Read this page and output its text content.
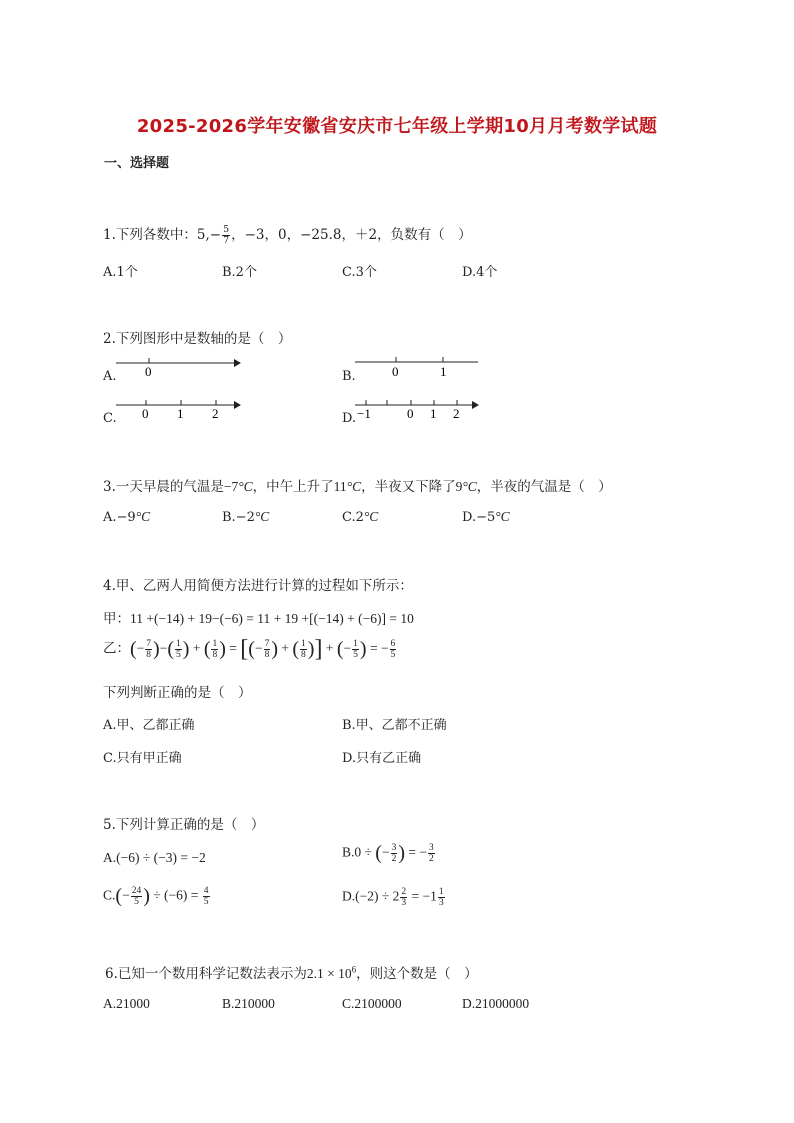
2025-2026学年安徽省安庆市七年级上学期10月月考数学试题
一、选择题
1.下列各数中：$5,- \frac{5}{7}$ ，−3，0，−25.8，＋2，负数有（　）
A.1个	B.2个	C.3个	D.4个
2.下列图形中是数轴的是（　）
A. 0	B.	0	1
C. 0 1 2	D. −1	0 1 2
3.一天早晨的气温是−7°C，中午上升了11°C，半夜又下降了9°C，半夜的气温是（　）
A.−9°C	B.−2°C	C.2°C	D.−5°C
4.甲、乙两人用简便方法进行计算的过程如下所示：
甲：11 +(−14) + 19−(−6) = 11 + 19 +[(−14) + (−6)] = 10
乙：(− $\frac{7}{8}$ )−( $\frac{1}{5}$ ) + ( $\frac{1}{8}$ ) = [(− $\frac{7}{8}$ ) + ( $\frac{1}{8}$ )] + (− $\frac{1}{5}$ ) = − $\frac{6}{5}$
下列判断正确的是（　）
A.甲、乙都正确	B.甲、乙都不正确
C.只有甲正确	D.只有乙正确
5.下列计算正确的是（　）
A.(−6) ÷ (−3) = −2	B.0 ÷ (− $\frac{3}{2}$ ) = − $\frac{3}{2}$
$C.(- \frac{24}{5}$ ) ÷ $(-6) = \frac{4}{5}$	$D.(-2) \div 2 \frac{2}{3} = -1 \frac{1}{3}$
6.已知一个数用科学记数法表示为$2.1 \times 10^6$，则这个数是（　）
A.21000	B.210000	C.2100000	D.21000000
